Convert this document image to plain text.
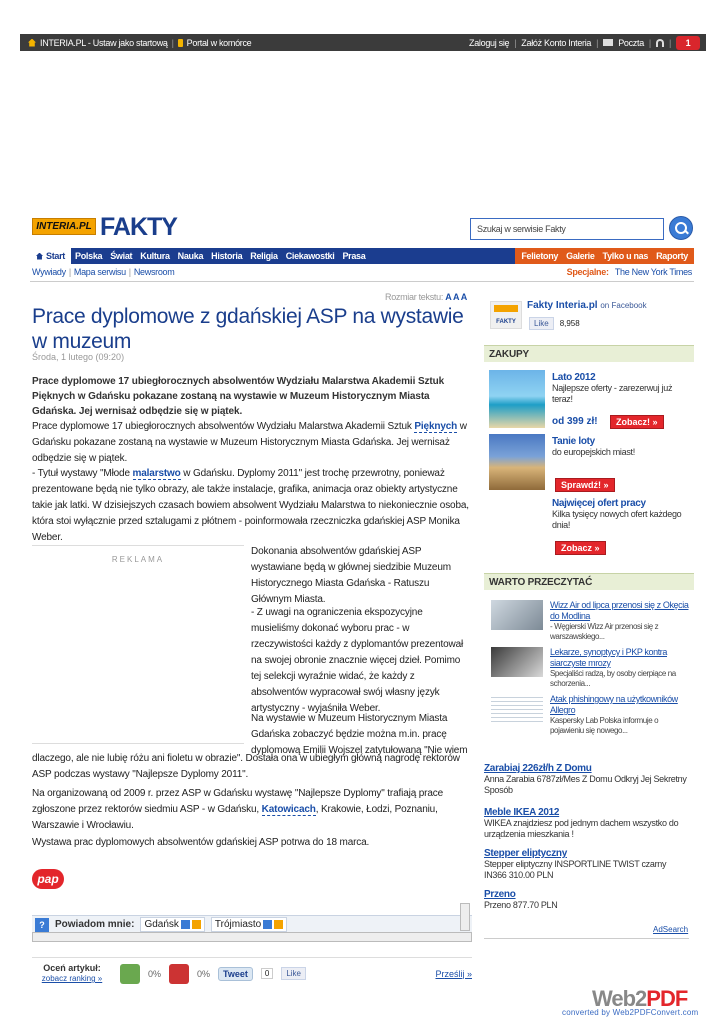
INTERIA.PL - Ustaw jako startową | Portal w komórce	Zaloguj się | Załóż Konto Interia | Poczta | |	1
INTERIA.PL FAKTY	Szukaj w serwisie Fakty
Start	Polska Świat Kultura Nauka Historia Religia Ciekawostki Prasa	Felietony Galerie Tylko u nas Raporty
Wywiady | Mapa serwisu | Newsroom	Specjalne: The New York Times
Rozmiar tekstu: A A A
Prace dyplomowe z gdańskiej ASP na wystawie w muzeum
Środa, 1 lutego (09:20)
Prace dyplomowe 17 ubiegłorocznych absolwentów Wydziału Malarstwa Akademii Sztuk Pięknych w Gdańsku pokazane zostaną na wystawie w Muzeum Historycznym Miasta Gdańska. Jej wernisaż odbędzie się w piątek.
Prace dyplomowe 17 ubiegłorocznych absolwentów Wydziału Malarstwa Akademii Sztuk Pięknych w Gdańsku pokazane zostaną na wystawie w Muzeum Historycznym Miasta Gdańska. Jej wernisaż odbędzie się w piątek.
- Tytuł wystawy "Młode malarstwo w Gdańsku. Dyplomy 2011" jest trochę przewrotny, ponieważ prezentowane będą nie tylko obrazy, ale także instalacje, grafika, animacja oraz obiekty artystyczne takie jak latki. W dzisiejszych czasach bowiem absolwent Wydziału Malarstwa to niekoniecznie osoba, która stoi wyłącznie przed sztalugami z płótnem - poinformowała rzeczniczka gdańskiej ASP Monika Weber.
REKLAMA
Dokonania absolwentów gdańskiej ASP wystawiane będą w głównej siedzibie Muzeum Historycznego Miasta Gdańska - Ratuszu Głównym Miasta.
- Z uwagi na ograniczenia ekspozycyjne musieliśmy dokonać wyboru prac - w rzeczywistości każdy z dyplomantów prezentował na swojej obronie znacznie więcej dzieł. Pomimo tej selekcji wyraźnie widać, że każdy z absolwentów wypracował swój własny język artystyczny - wyjaśniła Weber.
Na wystawie w Muzeum Historycznym Miasta Gdańska zobaczyć będzie można m.in. pracę dyplomową Emilii Wojszel zatytułowaną "Nie wiem
dlaczego, ale nie lubię różu ani fioletu w obrazie". Dostała ona w ubiegłym główną nagrodę rektorów ASP podczas wystawy "Najlepsze Dyplomy 2011".
Na organizowaną od 2009 r. przez ASP w Gdańsku wystawę "Najlepsze Dyplomy" trafiają prace zgłoszone przez rektorów siedmiu ASP - w Gdańsku, Katowicach, Krakowie, Łodzi, Poznaniu, Warszawie i Wrocławiu.
Wystawa prac dyplomowych absolwentów gdańskiej ASP potrwa do 18 marca.
pap
?	Powiadom mnie: Gdańsk	Trójmiasto
Oceń artykuł:
zobacz ranking »	0%	0%	Tweet	0	Like	Prześlij »
FAKTY
Fakty Interia.pl on Facebook
Like	8,958
ZAKUPY
Lato 2012
Najlepsze oferty - zarezerwuj już teraz!
od 399 zł!	Zobacz! »
Tanie loty
do europejskich miast!
Sprawdź! »
Najwięcej ofert pracy
Kilka tysięcy nowych ofert każdego dnia!
Zobacz »
WARTO PRZECZYTAĆ
Wizz Air od lipca przenosi się z Okęcia do Modlina
- Węgierski Wizz Air przenosi się z warszawskiego...
Lekarze, synoptycy i PKP kontra siarczyste mrozy
Specjaliści radzą, by osoby cierpiące na schorzenia...
Atak phishingowy na użytkowników Allegro
Kaspersky Lab Polska informuje o pojawieniu się nowego...
Zarabiaj 226zł/h Z Domu
Anna Zarabia 6787zł/Mes Z Domu Odkryj Jej Sekretny Sposób
Meble IKEA 2012
WIKEA znajdziesz pod jednym dachem wszystko do urządzenia mieszkania !
Stepper eliptyczny
Stepper eliptyczny INSPORTLINE TWIST czarny IN366 310.00 PLN
Przeno
Przeno 877.70 PLN
AdSearch
Web2PDF
converted by Web2PDFConvert.com
